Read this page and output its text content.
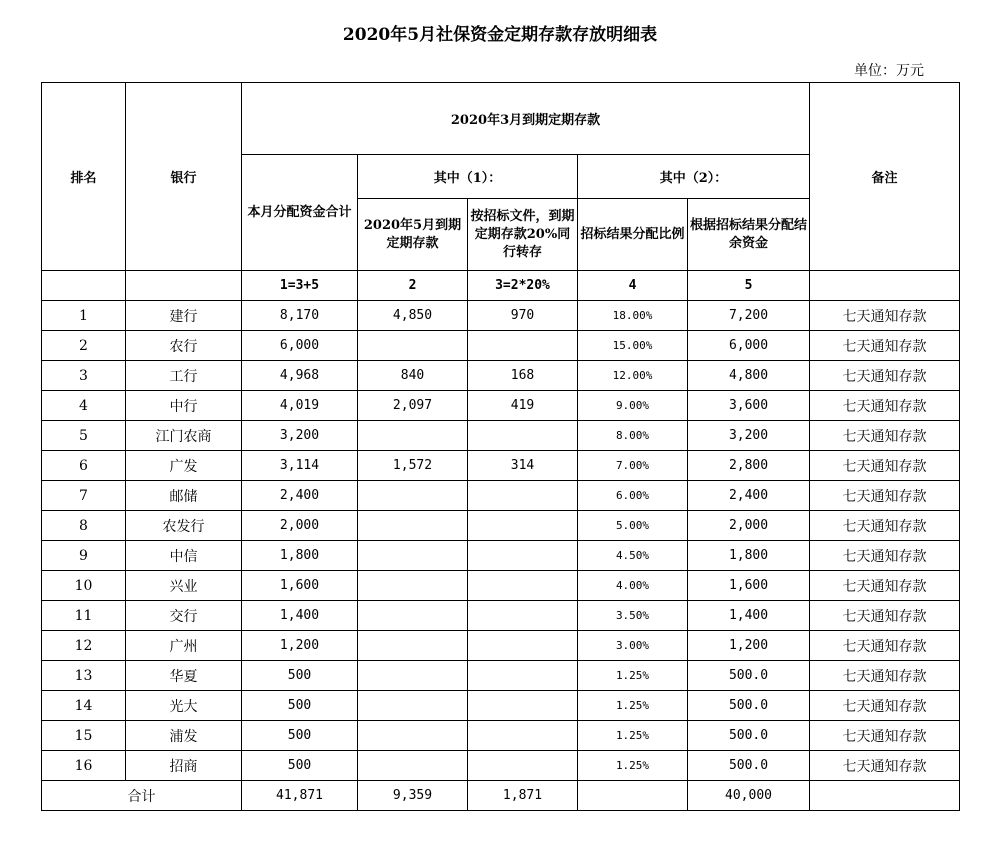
2020年5月社保资金定期存款存放明细表
单位：万元
排名	银行	2020年3月到期定期存款					备注
		本月分配资金合计	其中（1）：		其中（2）：		
			2020年5月到期定期存款	按招标文件，到期定期存款20%同行转存	招标结果分配比例	根据招标结果分配结余资金	
		1=3+5	2	3=2*20%	4	5	
1	建行	8,170	4,850	970	18.00%	7,200	七天通知存款
2	农行	6,000			15.00%	6,000	七天通知存款
3	工行	4,968	840	168	12.00%	4,800	七天通知存款
4	中行	4,019	2,097	419	9.00%	3,600	七天通知存款
5	江门农商	3,200			8.00%	3,200	七天通知存款
6	广发	3,114	1,572	314	7.00%	2,800	七天通知存款
7	邮储	2,400			6.00%	2,400	七天通知存款
8	农发行	2,000			5.00%	2,000	七天通知存款
9	中信	1,800			4.50%	1,800	七天通知存款
10	兴业	1,600			4.00%	1,600	七天通知存款
11	交行	1,400			3.50%	1,400	七天通知存款
12	广州	1,200			3.00%	1,200	七天通知存款
13	华夏	500			1.25%	500.0	七天通知存款
14	光大	500			1.25%	500.0	七天通知存款
15	浦发	500			1.25%	500.0	七天通知存款
16	招商	500			1.25%	500.0	七天通知存款
合计		41,871	9,359	1,871		40,000	
